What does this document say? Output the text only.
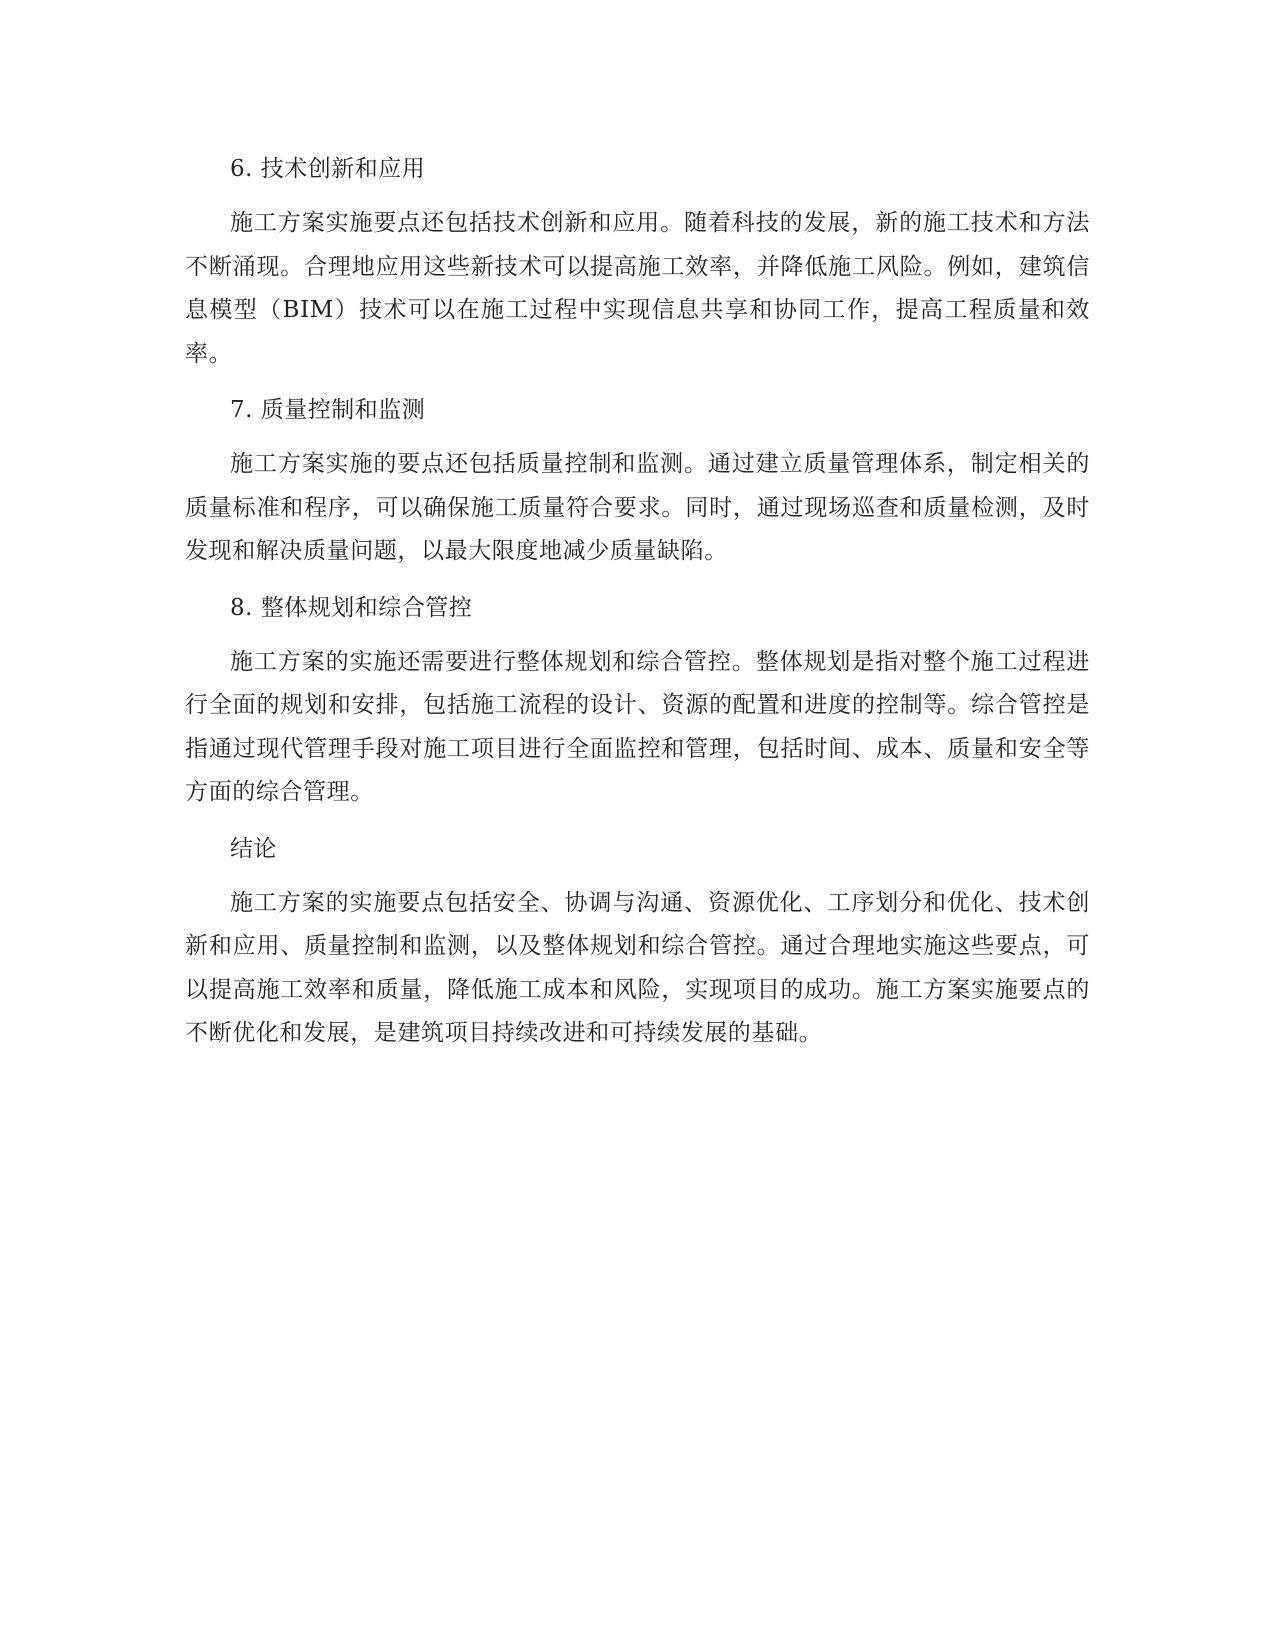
6. 技术创新和应用

施工方案实施要点还包括技术创新和应用。随着科技的发展，新的施工技术和方法不断涌现。合理地应用这些新技术可以提高施工效率，并降低施工风险。例如，建筑信息模型（BIM）技术可以在施工过程中实现信息共享和协同工作，提高工程质量和效率。

7. 质量控制和监测

施工方案实施的要点还包括质量控制和监测。通过建立质量管理体系，制定相关的质量标准和程序，可以确保施工质量符合要求。同时，通过现场巡查和质量检测，及时发现和解决质量问题，以最大限度地减少质量缺陷。

8. 整体规划和综合管控

施工方案的实施还需要进行整体规划和综合管控。整体规划是指对整个施工过程进行全面的规划和安排，包括施工流程的设计、资源的配置和进度的控制等。综合管控是指通过现代管理手段对施工项目进行全面监控和管理，包括时间、成本、质量和安全等方面的综合管理。

结论

施工方案的实施要点包括安全、协调与沟通、资源优化、工序划分和优化、技术创新和应用、质量控制和监测，以及整体规划和综合管控。通过合理地实施这些要点，可以提高施工效率和质量，降低施工成本和风险，实现项目的成功。施工方案实施要点的不断优化和发展，是建筑项目持续改进和可持续发展的基础。
